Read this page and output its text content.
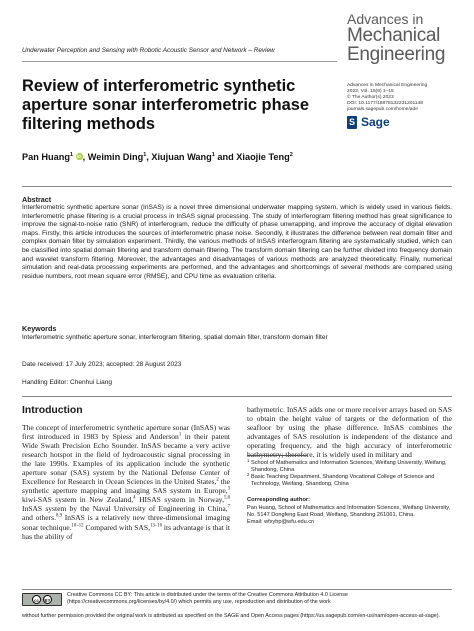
Advances in
Mechanical
Engineering
Underwater Perception and Sensing with Robotic Acoustic Sensor and Network – Review
Advances in Mechanical Engineering
2023, Vol. 15(9) 1–15
© The Author(s) 2023
DOI: 10.1177/16878132231201148
journals.sagepub.com/home/ade
S Sage
Review of interferometric synthetic aperture sonar interferometric phase filtering methods
Pan Huang$^1$ iD, Weimin Ding$^1$, Xiujuan Wang$^1$ and Xiaojie Teng$^2$
Abstract
Interferometric synthetic aperture sonar (InSAS) is a novel three dimensional underwater mapping system, which is widely used in various fields. Interferometric phase filtering is a crucial process in InSAS signal processing. The study of interferogram filtering method has great significance to improve the signal-to-noise ratio (SNR) of interferogram, reduce the difficulty of phase unwrapping, and improve the accuracy of digital elevation maps. Firstly, this article introduces the sources of interferometric phase noise. Secondly, it illustrates the difference between real domain filter and complex domain filter by simulation experiment. Thirdly, the various methods of InSAS interferogram filtering are systematically studied, which can be classified into spatial domain filtering and transform domain filtering. The transform domain filtering can be further divided into frequency domain and wavelet transform filtering. Moreover, the advantages and disadvantages of various methods are analyzed theoretically. Finally, numerical simulation and real-data processing experiments are performed, and the advantages and shortcomings of several methods are compared using residue numbers, root mean square error (RMSE), and CPU time as evaluation criteria.
Keywords
Interferometric synthetic aperture sonar, interferogram filtering, spatial domain filter, transform domain filter
Date received: 17 July 2023; accepted: 28 August 2023
Handling Editor: Chenhui Liang
Introduction
The concept of interferometric synthetic aperture sonar (InSAS) was first introduced in 1983 by Spiess and Anderson$^1$ in their patent Wide Swath Precision Echo Sounder. InSAS became a very active research hotspot in the field of hydroacoustic signal processing in the late 1990s. Examples of its application include the synthetic aperture sonar (SAS) system by the National Defense Center of Excellence for Research in Ocean Sciences in the United States,$^2$ the synthetic aperture mapping and imaging SAS system in Europe,$^3$ kiwi-SAS system in New Zealand,$^4$ HISAS system in Norway,$^{5,6}$ InSAS system by the Naval University of Engineering in China,$^7$ and others.$^{8,9}$ InSAS is a relatively new three-dimensional imaging sonar technique.$^{10-12}$ Compared with SAS,$^{13-16}$ its advantage is that it has the ability of
bathymetric. InSAS adds one or more receiver arrays based on SAS to obtain the height value of targets or the deformation of the seafloor by using the phase difference. InSAS combines the advantages of SAS resolution is independent of the distance and operating frequency, and the high accuracy of interferometric bathymetry; therefore, it is widely used in military and
1 School of Mathematics and Information Sciences, Weifang University, Weifang, Shandong, China
2 Basic Teaching Department, Shandong Vocational College of Science and Technology, Weifang, Shandong, China
Corresponding author:
Pan Huang, School of Mathematics and Information Sciences, Weifang University, No. 5147 Dongfeng East Road, Weifang, Shandong 261061, China.
Email: wfxyhp@wfu.edu.cn
cc	BY
Creative Commons CC BY: This article is distributed under the terms of the Creative Commons Attribution 4.0 License (https://creativecommons.org/licenses/by/4.0/) which permits any use, reproduction and distribution of the work
without further permission provided the original work is attributed as specified on the SAGE and Open Access pages (https://us.sagepub.com/en-us/nam/open-access-at-sage).
